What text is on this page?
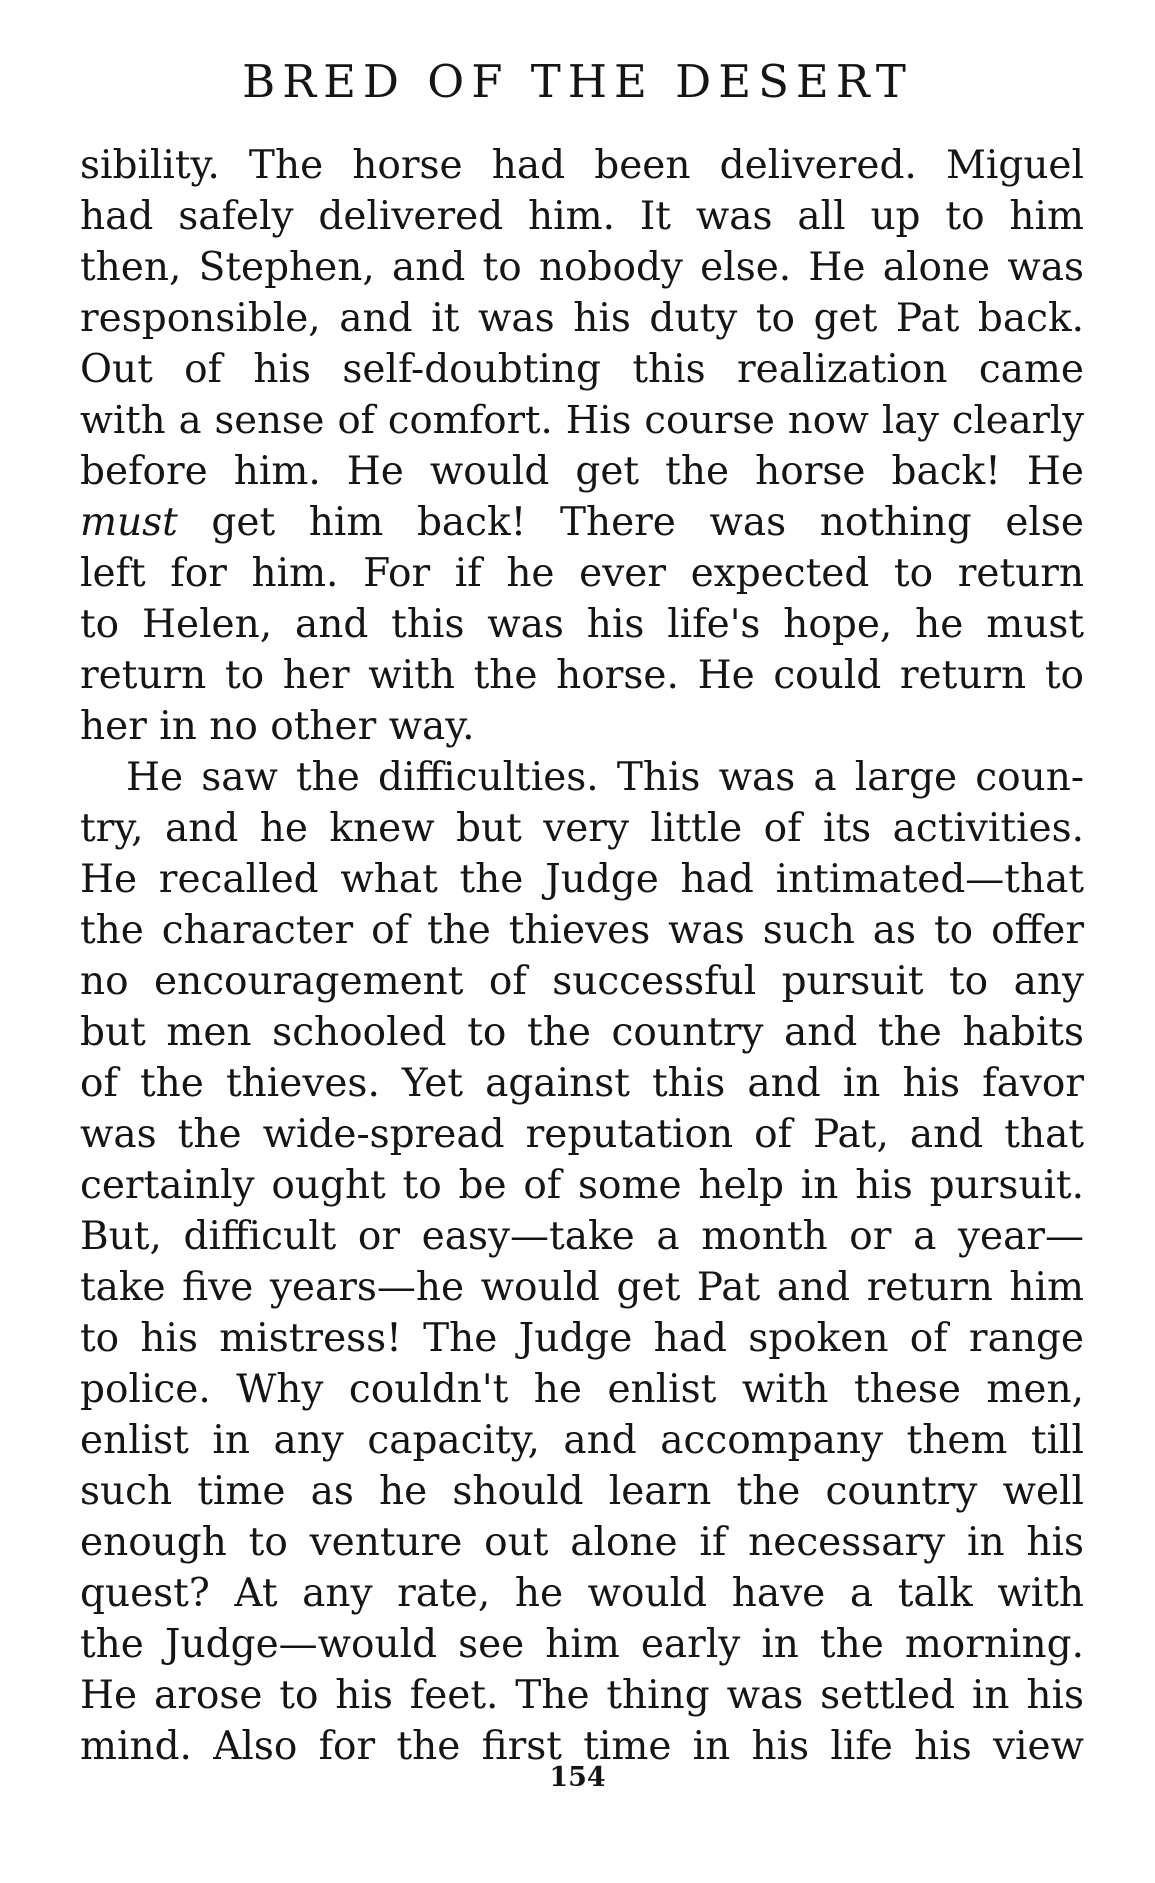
BRED OF THE DESERT
sibility. The horse had been delivered. Miguel
had safely delivered him. It was all up to him
then, Stephen, and to nobody else. He alone was
responsible, and it was his duty to get Pat back.
Out of his self-doubting this realization came
with a sense of comfort. His course now lay clearly
before him. He would get the horse back! He
must get him back! There was nothing else
left for him. For if he ever expected to return
to Helen, and this was his life's hope, he must
return to her with the horse. He could return to
her in no other way.
He saw the difficulties. This was a large coun-
try, and he knew but very little of its activities.
He recalled what the Judge had intimated—that
the character of the thieves was such as to offer
no encouragement of successful pursuit to any
but men schooled to the country and the habits
of the thieves. Yet against this and in his favor
was the wide-spread reputation of Pat, and that
certainly ought to be of some help in his pursuit.
But, difficult or easy—take a month or a year—
take five years—he would get Pat and return him
to his mistress! The Judge had spoken of range
police. Why couldn't he enlist with these men,
enlist in any capacity, and accompany them till
such time as he should learn the country well
enough to venture out alone if necessary in his
quest? At any rate, he would have a talk with
the Judge—would see him early in the morning.
He arose to his feet. The thing was settled in his
mind. Also for the first time in his life his view
154
